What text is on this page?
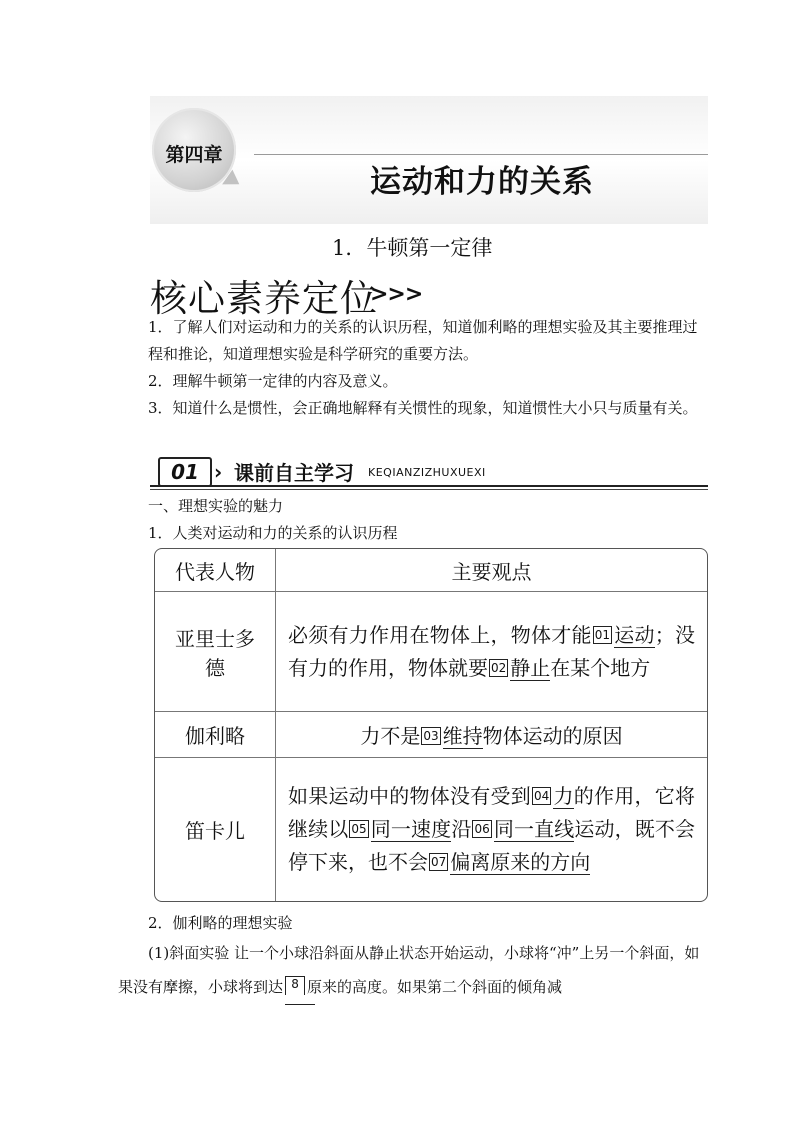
第四章
运动和力的关系
1．牛顿第一定律
核心素养定位
>>>
1．了解人们对运动和力的关系的认识历程，知道伽利略的理想实验及其主要推理过程和推论，知道理想实验是科学研究的重要方法。
2．理解牛顿第一定律的内容及意义。
3．知道什么是惯性，会正确地解释有关惯性的现象，知道惯性大小只与质量有关。
01 › 课前自主学习 KEQIANZIZHUXUEXI
一、理想实验的魅力
1．人类对运动和力的关系的认识历程
代表人物	主要观点
亚里士多德	必须有力作用在物体上，物体才能 01 运动；没有力的作用，物体就要 02 静止在某个地方

伽利略	力不是 03 维持物体运动的原因

笛卡儿	如果运动中的物体没有受到 04 力的作用，它将继续以 05 同一速度沿 06 同一直线运动，既不会停下来，也不会 07 偏离原来的方向
2．伽利略的理想实验
(1)斜面实验 让一个小球沿斜面从静止状态开始运动，小球将“冲”上另一个斜面，如果没有摩擦，小球将到达 8 原来的高度。如果第二个斜面的倾角减
